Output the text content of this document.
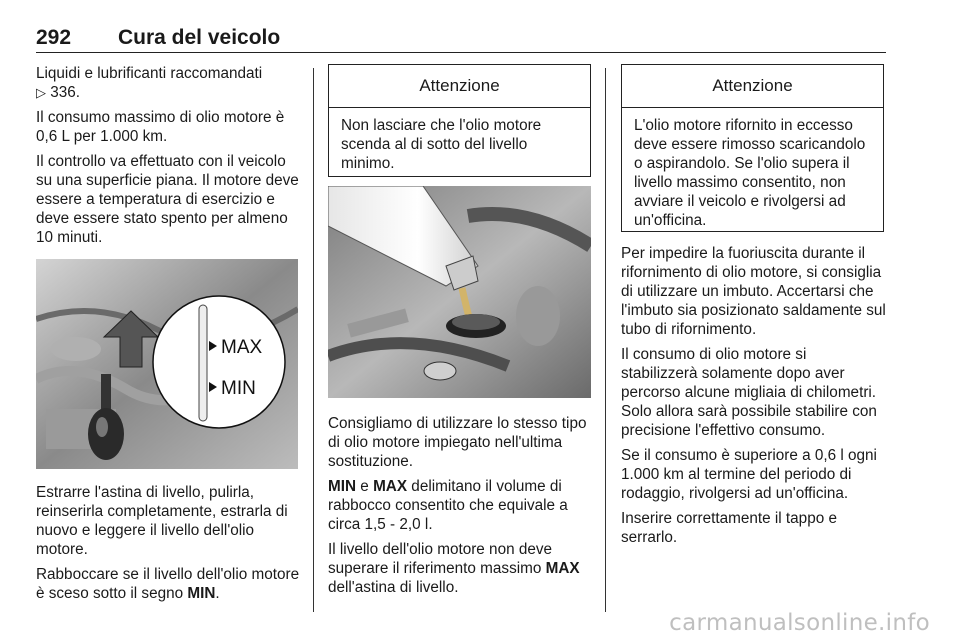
292 Cura del veicolo

Liquidi e lubrificanti raccomandati
▷ 336.

Il consumo massimo di olio motore è 0,6 L per 1.000 km.

Il controllo va effettuato con il veicolo su una superficie piana. Il motore deve essere a temperatura di esercizio e deve essere stato spento per almeno 10 minuti.

MAX
MIN

Estrarre l'astina di livello, pulirla, reinserirla completamente, estrarla di nuovo e leggere il livello dell'olio motore.

Rabboccare se il livello dell'olio motore è sceso sotto il segno MIN.

Attenzione
Non lasciare che l'olio motore scenda al di sotto del livello minimo.

Consigliamo di utilizzare lo stesso tipo di olio motore impiegato nell'ultima sostituzione.

MIN e MAX delimitano il volume di rabbocco consentito che equivale a circa 1,5 - 2,0 l.

Il livello dell'olio motore non deve superare il riferimento massimo MAX dell'astina di livello.

Attenzione
L'olio motore rifornito in eccesso deve essere rimosso scaricandolo o aspirandolo. Se l'olio supera il livello massimo consentito, non avviare il veicolo e rivolgersi ad un'officina.

Per impedire la fuoriuscita durante il rifornimento di olio motore, si consiglia di utilizzare un imbuto. Accertarsi che l'imbuto sia posizionato saldamente sul tubo di rifornimento.

Il consumo di olio motore si stabilizzerà solamente dopo aver percorso alcune migliaia di chilometri. Solo allora sarà possibile stabilire con precisione l'effettivo consumo.

Se il consumo è superiore a 0,6 l ogni 1.000 km al termine del periodo di rodaggio, rivolgersi ad un'officina.

Inserire correttamente il tappo e serrarlo.

carmanualsonline.info
